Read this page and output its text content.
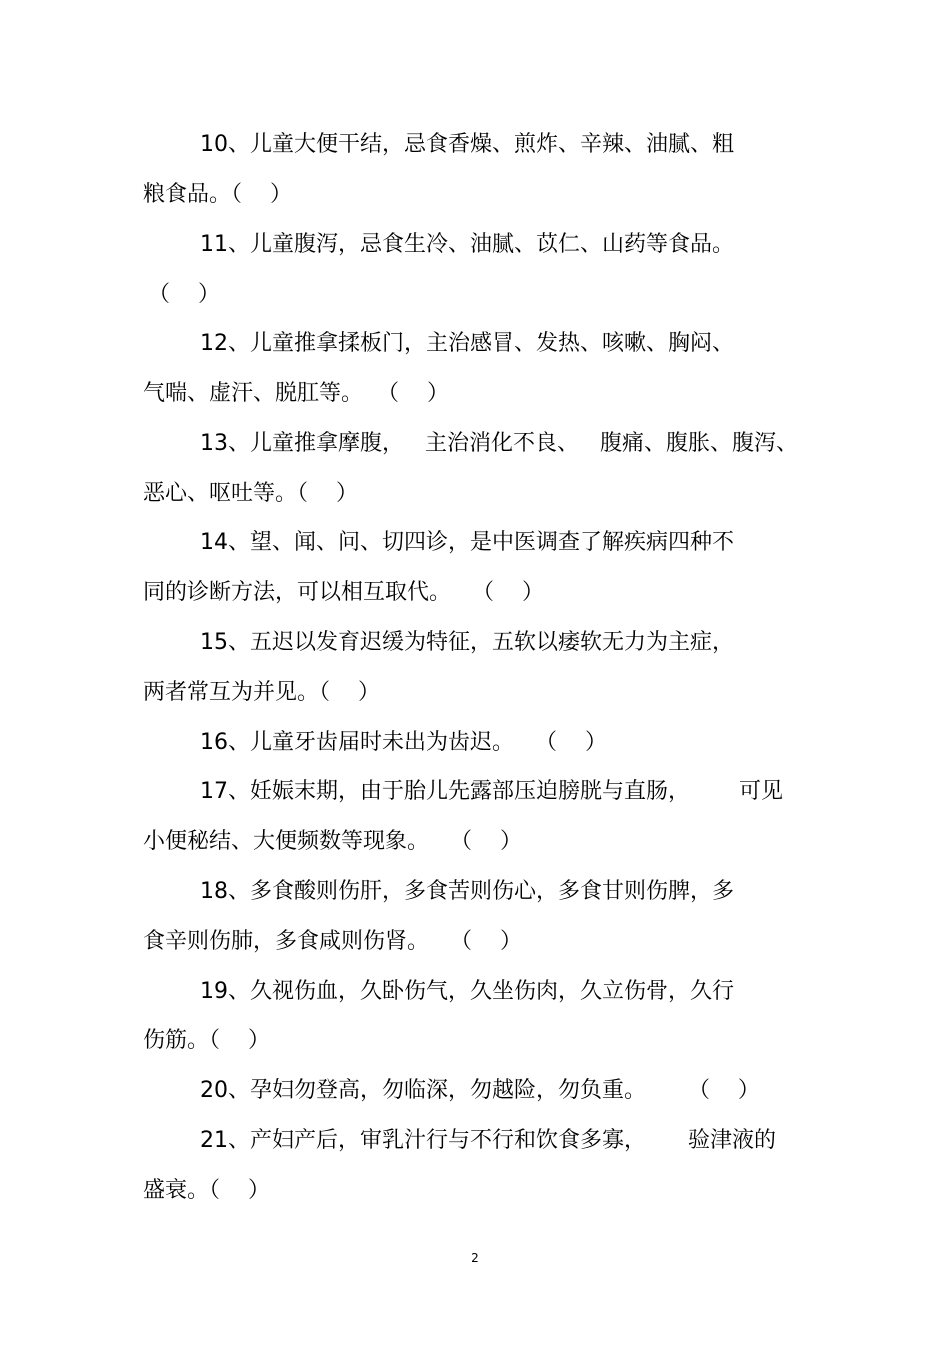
10、儿童大便干结，忌食香燥、煎炸、辛辣、油腻、粗
粮食品。（    ）
11、儿童腹泻，忌食生冷、油腻、苡仁、山药等食品。
（    ）
12、儿童推拿揉板门，主治感冒、发热、咳嗽、胸闷、
气喘、虚汗、脱肛等。  （    ）
13、儿童推拿摩腹，   主治消化不良、   腹痛、腹胀、腹泻、
恶心、呕吐等。（    ）
14、望、闻、问、切四诊，是中医调查了解疾病四种不
同的诊断方法，可以相互取代。   （    ）
15、五迟以发育迟缓为特征，五软以痿软无力为主症，
两者常互为并见。（    ）
16、儿童牙齿届时未出为齿迟。   （    ）
17、妊娠末期，由于胎儿先露部压迫膀胱与直肠，       可见
小便秘结、大便频数等现象。   （    ）
18、多食酸则伤肝，多食苦则伤心，多食甘则伤脾，多
食辛则伤肺，多食咸则伤肾。   （    ）
19、久视伤血，久卧伤气，久坐伤肉，久立伤骨，久行
伤筋。（    ）
20、孕妇勿登高，勿临深，勿越险，勿负重。      （    ）
21、产妇产后，审乳汁行与不行和饮食多寡，      验津液的
盛衰。（    ）
2
